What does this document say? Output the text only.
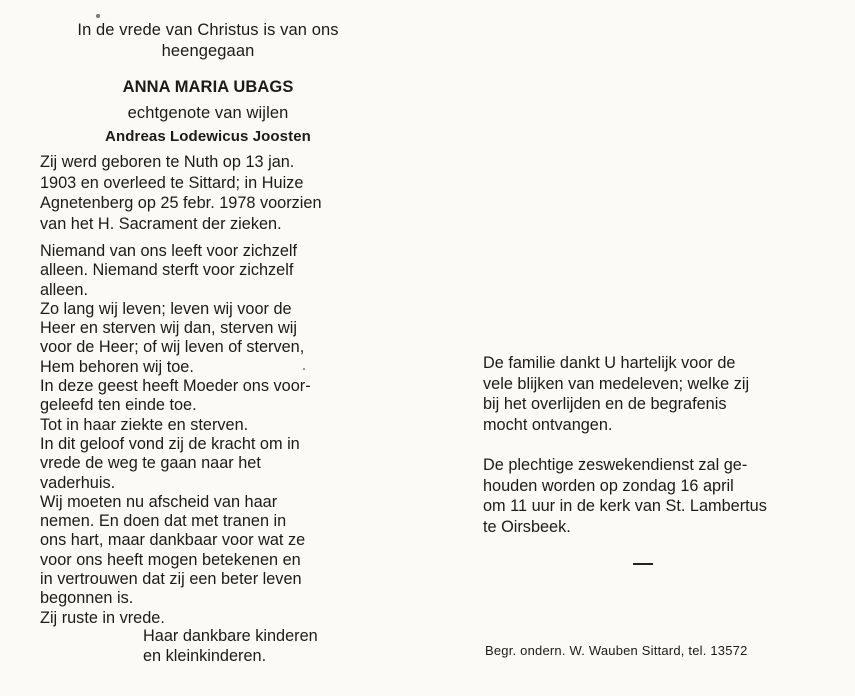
In de vrede van Christus is van ons
heengegaan
ANNA MARIA UBAGS
echtgenote van wijlen
Andreas Lodewicus Joosten
Zij werd geboren te Nuth op 13 jan.
1903 en overleed te Sittard; in Huize
Agnetenberg op 25 febr. 1978 voorzien
van het H. Sacrament der zieken.
Niemand van ons leeft voor zichzelf
alleen. Niemand sterft voor zichzelf
alleen.
Zo lang wij leven; leven wij voor de
Heer en sterven wij dan, sterven wij
voor de Heer; of wij leven of sterven,
Hem behoren wij toe.
In deze geest heeft Moeder ons voor-
geleefd ten einde toe.
Tot in haar ziekte en sterven.
In dit geloof vond zij de kracht om in
vrede de weg te gaan naar het
vaderhuis.
Wij moeten nu afscheid van haar
nemen. En doen dat met tranen in
ons hart, maar dankbaar voor wat ze
voor ons heeft mogen betekenen en
in vertrouwen dat zij een beter leven
begonnen is.
Zij ruste in vrede.
Haar dankbare kinderen
en kleinkinderen.
De familie dankt U hartelijk voor de
vele blijken van medeleven; welke zij
bij het overlijden en de begrafenis
mocht ontvangen.
De plechtige zeswekendienst zal ge-
houden worden op zondag 16 april
om 11 uur in de kerk van St. Lambertus
te Oirsbeek.
Begr. ondern. W. Wauben Sittard, tel. 13572
